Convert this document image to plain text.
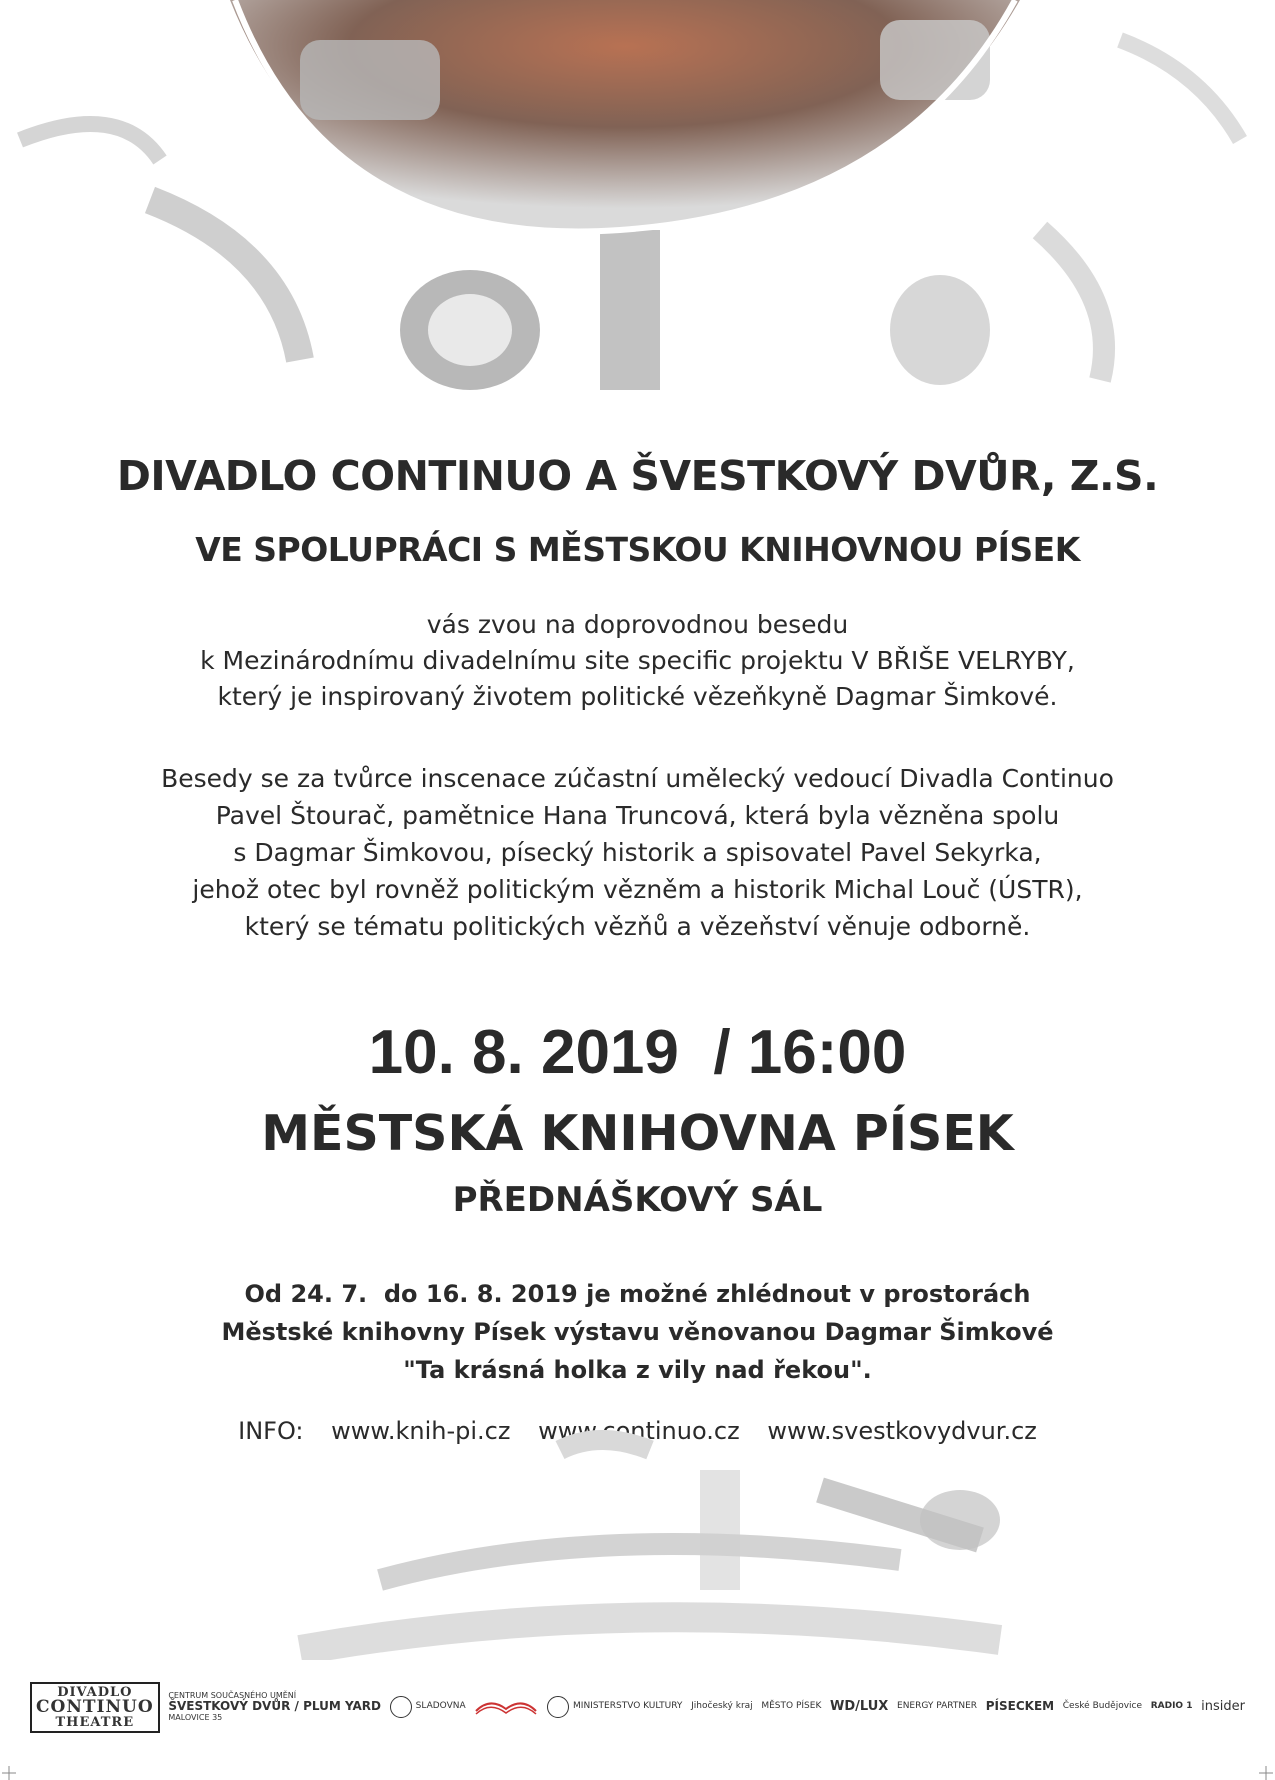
DIVADLO CONTINUO A ŠVESTKOVÝ DVŮR, Z.S.
VE SPOLUPRÁCI S MĚSTSKOU KNIHOVNOU PÍSEK
vás zvou na doprovodnou besedu
k Mezinárodnímu divadelnímu site specific projektu V BŘIŠE VELRYBY,
který je inspirovaný životem politické vězeňkyně Dagmar Šimkové.
Besedy se za tvůrce inscenace zúčastní umělecký vedoucí Divadla Continuo
Pavel Štourač, pamětnice Hana Truncová, která byla vězněna spolu
s Dagmar Šimkovou, písecký historik a spisovatel Pavel Sekyrka,
jehož otec byl rovněž politickým vězněm a historik Michal Louč (ÚSTR),
který se tématu politických vězňů a vězeňství věnuje odborně.
10. 8. 2019  / 16:00
MĚSTSKÁ KNIHOVNA PÍSEK
PŘEDNÁŠKOVÝ SÁL
Od 24. 7.  do 16. 8. 2019 je možné zhlédnout v prostorách
Městské knihovny Písek výstavu věnovanou Dagmar Šimkové
"Ta krásná holka z vily nad řekou".
INFO: www.knih-pi.cz www.continuo.cz www.svestkovydvur.cz
DIVADLO
CONTINUO
THEATRE
CENTRUM SOUČASNÉHO UMĚNÍ
ŠVESTKOVÝ DVŮR / PLUM YARD
MALOVICE 35
SLADOVNA	MINISTERSTVO KULTURY Jihočeský kraj MĚSTO PÍSEK WD/LUX ENERGY PARTNER PÍSECKEM České Budějovice RADIO 1 insider
